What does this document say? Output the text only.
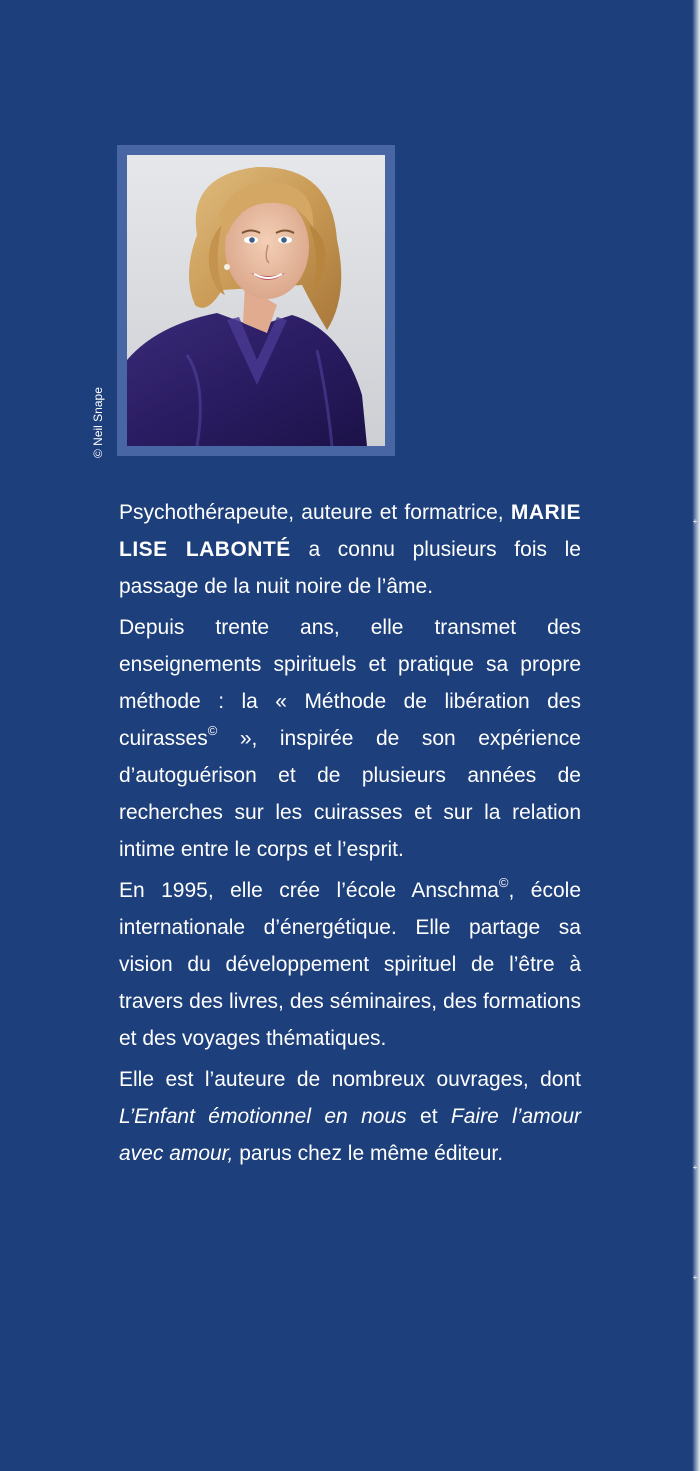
+
+
+
© Neil Snape

Psychothérapeute, auteure et formatrice, MARIE LISE LABONTÉ a connu plusieurs fois le passage de la nuit noire de l’âme.

Depuis trente ans, elle transmet des enseignements spirituels et pratique sa propre méthode : la « Méthode de libération des cuirasses© », inspirée de son expérience d’autoguérison et de plusieurs années de recherches sur les cuirasses et sur la relation intime entre le corps et l’esprit.

En 1995, elle crée l’école Anschma©, école internationale d’énergétique. Elle partage sa vision du développement spirituel de l’être à travers des livres, des séminaires, des formations et des voyages thématiques.

Elle est l’auteure de nombreux ouvrages, dont L’Enfant émotionnel en nous et Faire l’amour avec amour, parus chez le même éditeur.
